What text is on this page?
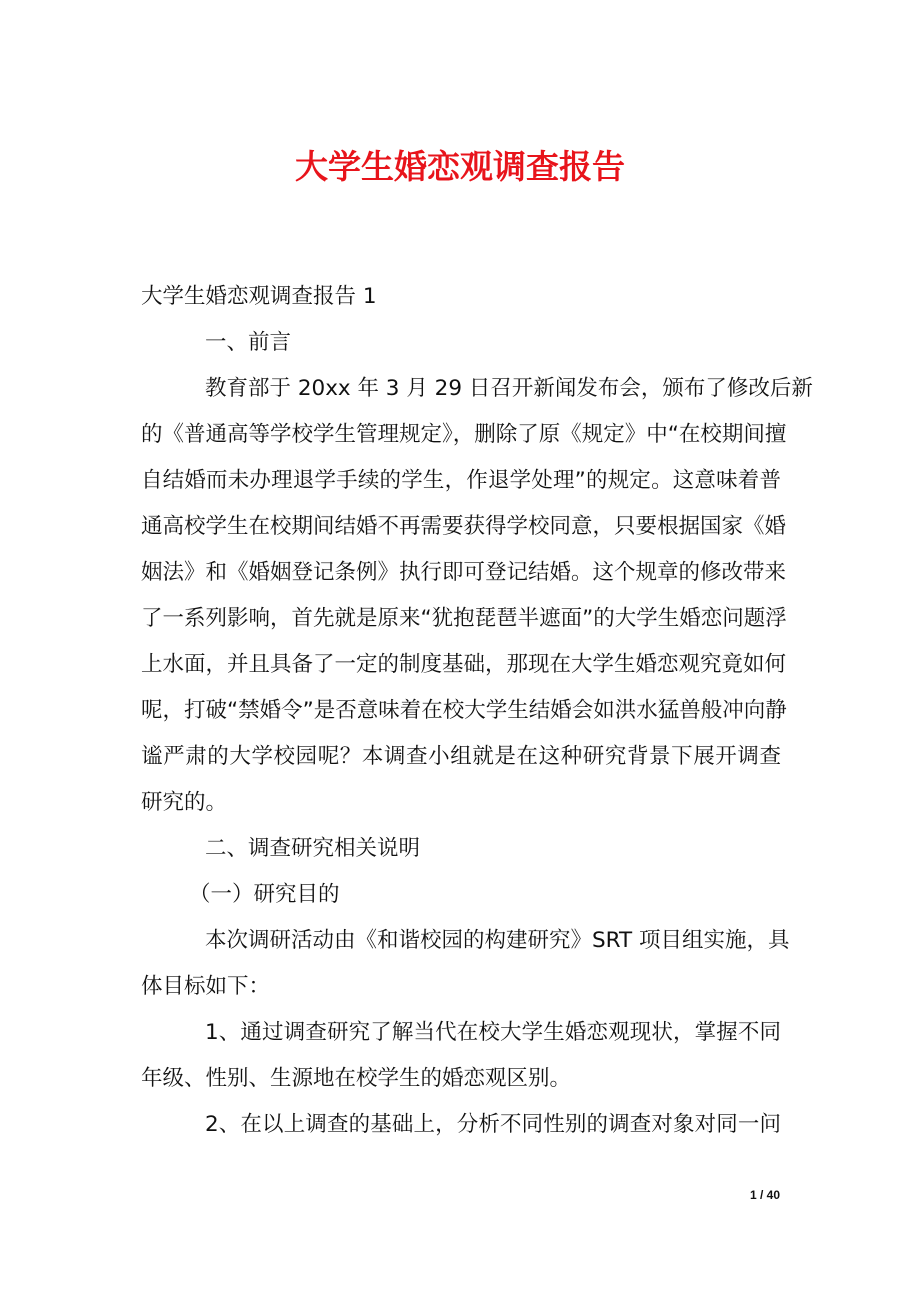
大学生婚恋观调查报告

大学生婚恋观调查报告 1

一、前言

教育部于 20xx 年 3 月 29 日召开新闻发布会，颁布了修改后新

的《普通高等学校学生管理规定》，删除了原《规定》中“在校期间擅

自结婚而未办理退学手续的学生，作退学处理”的规定。这意味着普

通高校学生在校期间结婚不再需要获得学校同意，只要根据国家《婚

姻法》和《婚姻登记条例》执行即可登记结婚。这个规章的修改带来

了一系列影响，首先就是原来“犹抱琵琶半遮面”的大学生婚恋问题浮

上水面，并且具备了一定的制度基础，那现在大学生婚恋观究竟如何

呢，打破“禁婚令”是否意味着在校大学生结婚会如洪水猛兽般冲向静

谧严肃的大学校园呢？本调查小组就是在这种研究背景下展开调查

研究的。

二、调查研究相关说明

（一）研究目的

本次调研活动由《和谐校园的构建研究》SRT 项目组实施，具

体目标如下：

1、通过调查研究了解当代在校大学生婚恋观现状，掌握不同

年级、性别、生源地在校学生的婚恋观区别。

2、在以上调查的基础上，分析不同性别的调查对象对同一问

1 / 40
